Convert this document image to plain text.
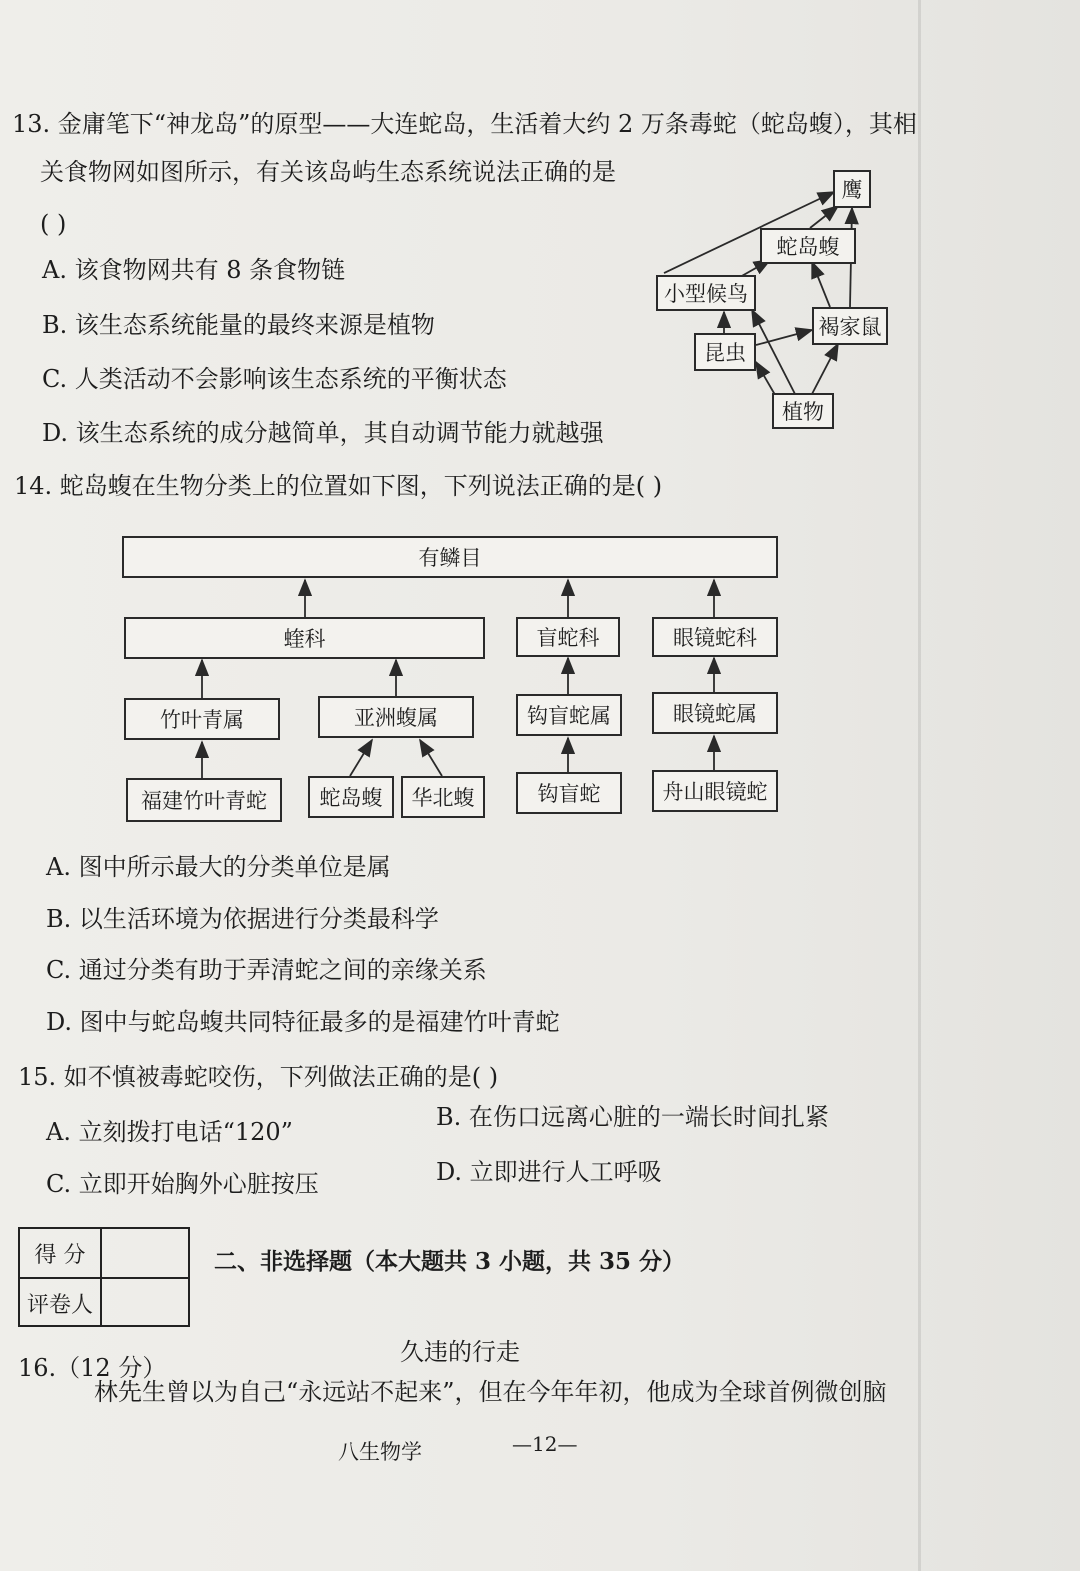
13. 金庸笔下“神龙岛”的原型——大连蛇岛，生活着大约 2 万条毒蛇（蛇岛蝮），其相
关食物网如图所示，有关该岛屿生态系统说法正确的是
( )
A. 该食物网共有 8 条食物链
B. 该生态系统能量的最终来源是植物
C. 人类活动不会影响该生态系统的平衡状态
D. 该生态系统的成分越简单，其自动调节能力就越强
鹰
蛇岛蝮
小型候鸟
褐家鼠
昆虫
植物
14. 蛇岛蝮在生物分类上的位置如下图，下列说法正确的是( )
有鳞目
蝰科	盲蛇科	眼镜蛇科
竹叶青属	亚洲蝮属	钩盲蛇属	眼镜蛇属
福建竹叶青蛇	蛇岛蝮	华北蝮	钩盲蛇	舟山眼镜蛇
A. 图中所示最大的分类单位是属
B. 以生活环境为依据进行分类最科学
C. 通过分类有助于弄清蛇之间的亲缘关系
D. 图中与蛇岛蝮共同特征最多的是福建竹叶青蛇
15. 如不慎被毒蛇咬伤，下列做法正确的是( )
A. 立刻拨打电话“120”
B. 在伤口远离心脏的一端长时间扎紧
C. 立即开始胸外心脏按压	D. 立即进行人工呼吸
得 分
评卷人
二、非选择题（本大题共 3 小题，共 35 分）
久违的行走
16.（12 分）
林先生曾以为自己“永远站不起来”，但在今年年初，他成为全球首例微创脑
八生物学	—12—
